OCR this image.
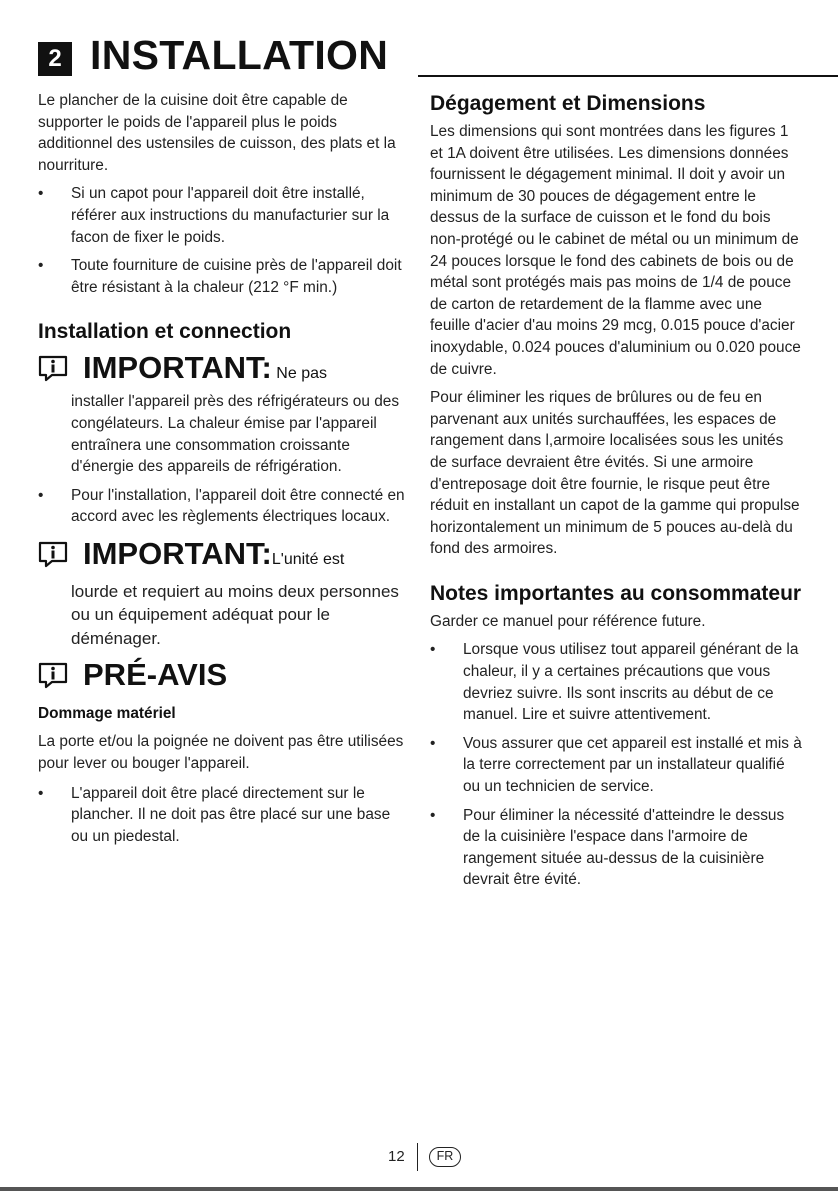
2 INSTALLATION

Le plancher de la cuisine doit être capable de supporter le poids de l'appareil plus le poids additionnel des ustensiles de cuisson, des plats et la nourriture.

• Si un capot pour l'appareil doit être installé, référer aux instructions du manufacturier sur la facon de fixer le poids.
• Toute fourniture de cuisine près de l'appareil doit être résistant à la chaleur (212 °F min.)
Installation et connection
IMPORTANT: Ne pas

installer l'appareil près des réfrigérateurs ou des congélateurs. La chaleur émise par l'appareil entraînera une consommation croissante d'énergie des appareils de réfrigération.

• Pour l'installation, l'appareil doit être connecté en accord avec les règlements électriques locaux.
IMPORTANT:L'unité est

lourde et requiert au moins deux personnes ou un équipement adéquat pour le déménager.

PRÉ-AVIS
Dommage matériel

La porte et/ou la poignée ne doivent pas être utilisées pour lever ou bouger l'appareil.

• L'appareil doit être placé directement sur le plancher. Il ne doit pas être placé sur une base ou un piedestal.
Dégagement et Dimensions

Les dimensions qui sont montrées dans les figures 1 et 1A doivent être utilisées. Les dimensions données fournissent le dégagement minimal. Il doit y avoir un minimum de 30 pouces de dégagement entre le dessus de la surface de cuisson et le fond du bois non-protégé ou le cabinet de métal ou un minimum de 24 pouces lorsque le fond des cabinets de bois ou de métal sont protégés mais pas moins de 1/4 de pouce de carton de retardement de la flamme avec une feuille d'acier d'au moins 29 mcg, 0.015 pouce d'acier inoxydable, 0.024 pouces d'aluminium ou 0.020 pouce de cuivre.

Pour éliminer les riques de brûlures ou de feu en parvenant aux unités surchauffées, les espaces de rangement dans l,armoire localisées sous les unités de surface devraient être évités. Si une armoire d'entreposage doit être fournie, le risque peut être réduit en installant un capot de la gamme qui propulse horizontalement un minimum de 5 pouces au-delà du fond des armoires.

Notes importantes au consommateur

Garder ce manuel pour référence future.

• Lorsque vous utilisez tout appareil générant de la chaleur, il y a certaines précautions que vous devriez suivre. Ils sont inscrits au début de ce manuel. Lire et suivre attentivement.
• Vous assurer que cet appareil est installé et mis à la terre correctement par un installateur qualifié ou un technicien de service.
• Pour éliminer la nécessité d'atteindre le dessus de la cuisinière l'espace dans l'armoire de rangement située au-dessus de la cuisinière devrait être évité.
12	FR
